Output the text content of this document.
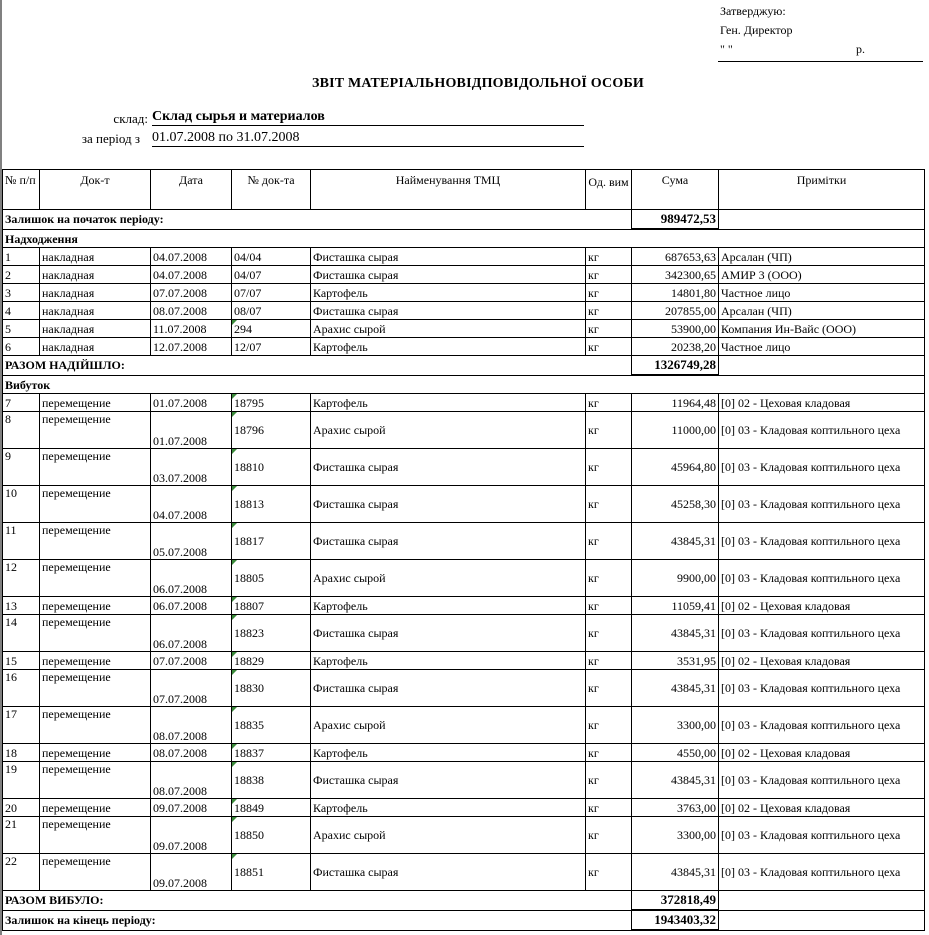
Затверджую:
Ген. Директор
" "	р.
ЗВІТ МАТЕРІАЛЬНОВІДПОВІДОЛЬНОЇ ОСОБИ
склад: Склад сырья и материалов
за період з 01.07.2008 по 31.07.2008
№ п/п	Док-т	Дата	№ док-та	Найменування ТМЦ	Од. вим	Сума	Примітки
Залишок на початок періоду:						989472,53	
Надходження							
1	накладная	04.07.2008	04/04	Фисташка сырая	кг	687653,63	Арсалан (ЧП)
2	накладная	04.07.2008	04/07	Фисташка сырая	кг	342300,65	АМИР 3 (ООО)
3	накладная	07.07.2008	07/07	Картофель	кг	14801,80	Частное лицо
4	накладная	08.07.2008	08/07	Фисташка сырая	кг	207855,00	Арсалан (ЧП)
5	накладная	11.07.2008	294	Арахис сырой	кг	53900,00	Компания Ин-Вайс (ООО)
6	накладная	12.07.2008	12/07	Картофель	кг	20238,20	Частное лицо
РАЗОМ НАДІЙШЛО:						1326749,28	
Вибуток							
7	перемещение	01.07.2008	18795	Картофель	кг	11964,48	[0] 02 - Цеховая кладовая
8	перемещение	01.07.2008	18796	Арахис сырой	кг	11000,00	[0] 03 - Кладовая коптильного цеха
9	перемещение	03.07.2008	18810	Фисташка сырая	кг	45964,80	[0] 03 - Кладовая коптильного цеха
10	перемещение	04.07.2008	18813	Фисташка сырая	кг	45258,30	[0] 03 - Кладовая коптильного цеха
11	перемещение	05.07.2008	18817	Фисташка сырая	кг	43845,31	[0] 03 - Кладовая коптильного цеха
12	перемещение	06.07.2008	18805	Арахис сырой	кг	9900,00	[0] 03 - Кладовая коптильного цеха
13	перемещение	06.07.2008	18807	Картофель	кг	11059,41	[0] 02 - Цеховая кладовая
14	перемещение	06.07.2008	18823	Фисташка сырая	кг	43845,31	[0] 03 - Кладовая коптильного цеха
15	перемещение	07.07.2008	18829	Картофель	кг	3531,95	[0] 02 - Цеховая кладовая
16	перемещение	07.07.2008	18830	Фисташка сырая	кг	43845,31	[0] 03 - Кладовая коптильного цеха
17	перемещение	08.07.2008	18835	Арахис сырой	кг	3300,00	[0] 03 - Кладовая коптильного цеха
18	перемещение	08.07.2008	18837	Картофель	кг	4550,00	[0] 02 - Цеховая кладовая
19	перемещение	08.07.2008	18838	Фисташка сырая	кг	43845,31	[0] 03 - Кладовая коптильного цеха
20	перемещение	09.07.2008	18849	Картофель	кг	3763,00	[0] 02 - Цеховая кладовая
21	перемещение	09.07.2008	18850	Арахис сырой	кг	3300,00	[0] 03 - Кладовая коптильного цеха
22	перемещение	09.07.2008	18851	Фисташка сырая	кг	43845,31	[0] 03 - Кладовая коптильного цеха
РАЗОМ ВИБУЛО:						372818,49	
Залишок на кінець періоду:						1943403,32	
